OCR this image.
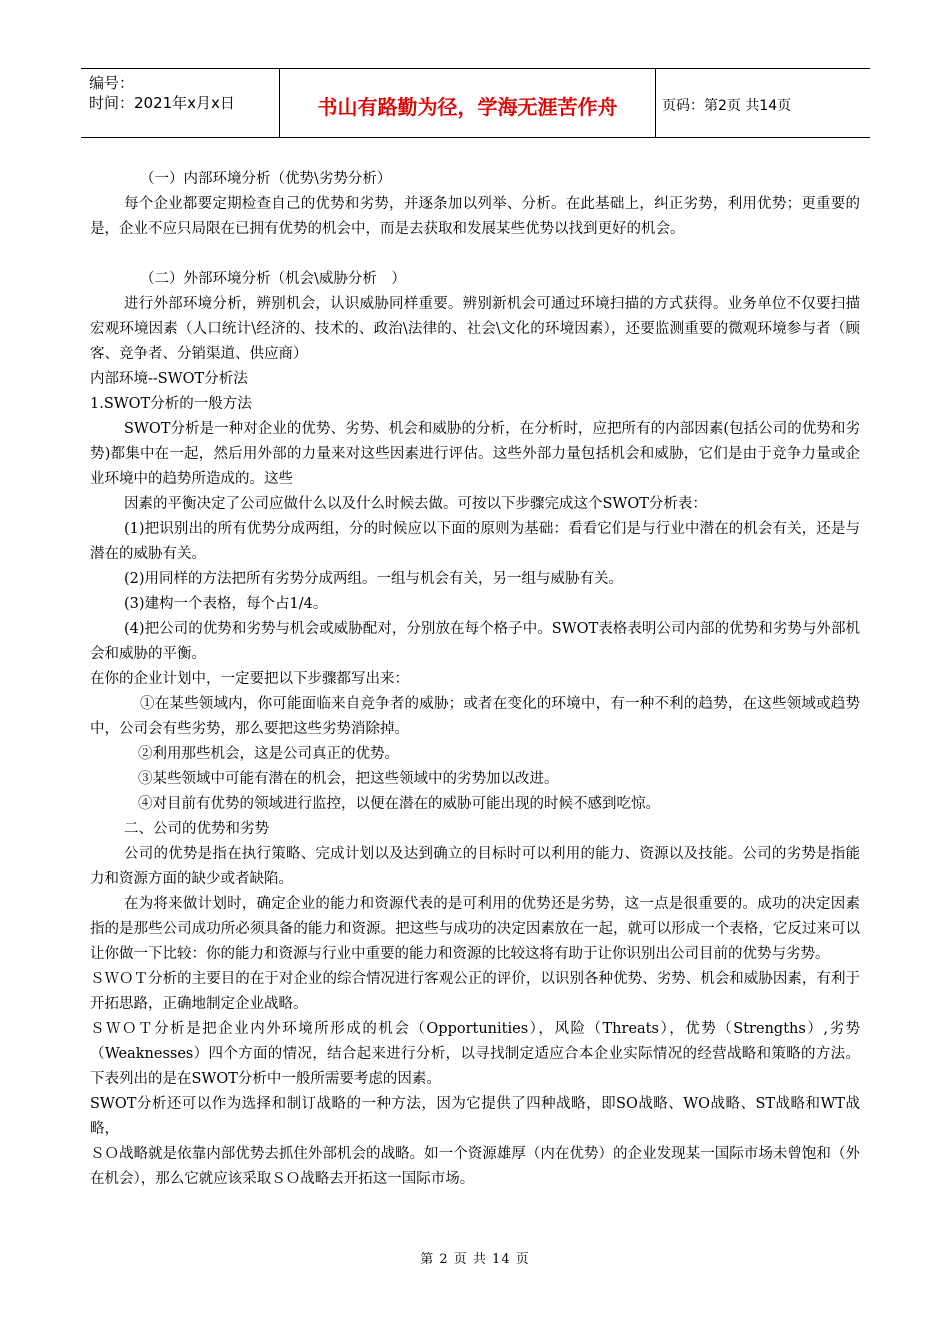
编号：
时间：2021年x月x日	书山有路勤为径，学海无涯苦作舟	页码：第2页 共14页

（一）内部环境分析（优势\劣势分析）

每个企业都要定期检查自己的优势和劣势，并逐条加以列举、分析。在此基础上，纠正劣势，利用优势；更重要的是，企业不应只局限在已拥有优势的机会中，而是去获取和发展某些优势以找到更好的机会。

（二）外部环境分析（机会\威胁分析　）

进行外部环境分析，辨别机会，认识威胁同样重要。辨别新机会可通过环境扫描的方式获得。业务单位不仅要扫描宏观环境因素（人口统计\经济的、技术的、政治\法律的、社会\文化的环境因素），还要监测重要的微观环境参与者（顾客、竞争者、分销渠道、供应商）

内部环境--SWOT分析法

1.SWOT分析的一般方法

SWOT分析是一种对企业的优势、劣势、机会和威胁的分析，在分析时，应把所有的内部因素(包括公司的优势和劣势)都集中在一起，然后用外部的力量来对这些因素进行评估。这些外部力量包括机会和威胁，它们是由于竞争力量或企业环境中的趋势所造成的。这些

因素的平衡决定了公司应做什么以及什么时候去做。可按以下步骤完成这个SWOT分析表：

(1)把识别出的所有优势分成两组，分的时候应以下面的原则为基础：看看它们是与行业中潜在的机会有关，还是与潜在的威胁有关。

(2)用同样的方法把所有劣势分成两组。一组与机会有关，另一组与威胁有关。

(3)建构一个表格，每个占1/4。

(4)把公司的优势和劣势与机会或威胁配对，分别放在每个格子中。SWOT表格表明公司内部的优势和劣势与外部机会和威胁的平衡。

在你的企业计划中，一定要把以下步骤都写出来：

①在某些领域内，你可能面临来自竞争者的威胁；或者在变化的环境中，有一种不利的趋势，在这些领域或趋势中，公司会有些劣势，那么要把这些劣势消除掉。

②利用那些机会，这是公司真正的优势。

③某些领域中可能有潜在的机会，把这些领域中的劣势加以改进。

④对目前有优势的领域进行监控，以便在潜在的威胁可能出现的时候不感到吃惊。

二、公司的优势和劣势

公司的优势是指在执行策略、完成计划以及达到确立的目标时可以利用的能力、资源以及技能。公司的劣势是指能力和资源方面的缺少或者缺陷。

在为将来做计划时，确定企业的能力和资源代表的是可利用的优势还是劣势，这一点是很重要的。成功的决定因素指的是那些公司成功所必须具备的能力和资源。把这些与成功的决定因素放在一起，就可以形成一个表格，它反过来可以让你做一下比较：你的能力和资源与行业中重要的能力和资源的比较这将有助于让你识别出公司目前的优势与劣势。

ＳＷＯＴ分析的主要目的在于对企业的综合情况进行客观公正的评价，以识别各种优势、劣势、机会和威胁因素，有利于开拓思路，正确地制定企业战略。

ＳＷＯＴ分析是把企业内外环境所形成的机会（Opportunities），风险（Threats），优势（Strengths）,劣势（Weaknesses）四个方面的情况，结合起来进行分析，以寻找制定适应合本企业实际情况的经营战略和策略的方法。下表列出的是在SWOT分析中一般所需要考虑的因素。

SWOT分析还可以作为选择和制订战略的一种方法，因为它提供了四种战略，即SO战略、WO战略、ST战略和WT战略，

ＳＯ战略就是依靠内部优势去抓住外部机会的战略。如一个资源雄厚（内在优势）的企业发现某一国际市场未曾饱和（外在机会），那么它就应该采取ＳＯ战略去开拓这一国际市场。

第 2 页 共 14 页
